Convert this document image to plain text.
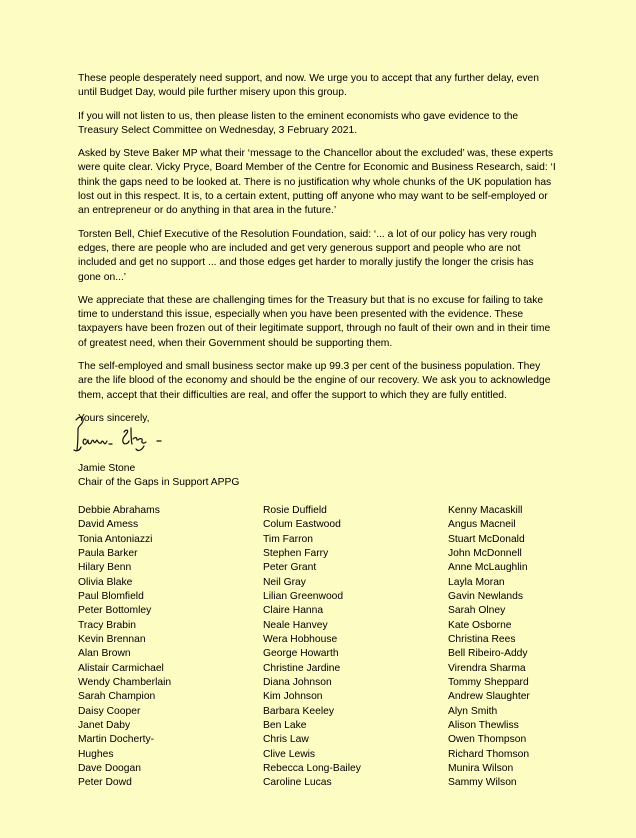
These people desperately need support, and now. We urge you to accept that any further delay, even until Budget Day, would pile further misery upon this group.

If you will not listen to us, then please listen to the eminent economists who gave evidence to the Treasury Select Committee on Wednesday, 3 February 2021.

Asked by Steve Baker MP what their ‘message to the Chancellor about the excluded’ was, these experts were quite clear. Vicky Pryce, Board Member of the Centre for Economic and Business Research, said: ‘I think the gaps need to be looked at. There is no justification why whole chunks of the UK population has lost out in this respect. It is, to a certain extent, putting off anyone who may want to be self-employed or an entrepreneur or do anything in that area in the future.’

Torsten Bell, Chief Executive of the Resolution Foundation, said: ‘... a lot of our policy has very rough edges, there are people who are included and get very generous support and people who are not included and get no support ... and those edges get harder to morally justify the longer the crisis has gone on...’

We appreciate that these are challenging times for the Treasury but that is no excuse for failing to take time to understand this issue, especially when you have been presented with the evidence. These taxpayers have been frozen out of their legitimate support, through no fault of their own and in their time of greatest need, when their Government should be supporting them.

The self-employed and small business sector make up 99.3 per cent of the business population. They are the life blood of the economy and should be the engine of our recovery. We ask you to acknowledge them, accept that their difficulties are real, and offer the support to which they are fully entitled.

Yours sincerely,

Jamie Stone
Chair of the Gaps in Support APPG
Debbie Abrahams
David Amess
Tonia Antoniazzi
Paula Barker
Hilary Benn
Olivia Blake
Paul Blomfield
Peter Bottomley
Tracy Brabin
Kevin Brennan
Alan Brown
Alistair Carmichael
Wendy Chamberlain
Sarah Champion
Daisy Cooper
Janet Daby
Martin Docherty-
Hughes
Dave Doogan
Peter Dowd
Rosie Duffield
Colum Eastwood
Tim Farron
Stephen Farry
Peter Grant
Neil Gray
Lilian Greenwood
Claire Hanna
Neale Hanvey
Wera Hobhouse
George Howarth
Christine Jardine
Diana Johnson
Kim Johnson
Barbara Keeley
Ben Lake
Chris Law
Clive Lewis
Rebecca Long-Bailey
Caroline Lucas
Kenny Macaskill
Angus Macneil
Stuart McDonald
John McDonnell
Anne McLaughlin
Layla Moran
Gavin Newlands
Sarah Olney
Kate Osborne
Christina Rees
Bell Ribeiro-Addy
Virendra Sharma
Tommy Sheppard
Andrew Slaughter
Alyn Smith
Alison Thewliss
Owen Thompson
Richard Thomson
Munira Wilson
Sammy Wilson
